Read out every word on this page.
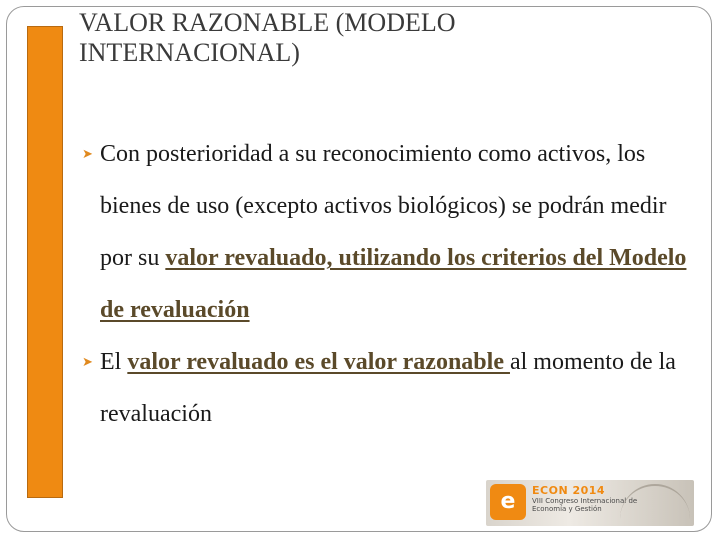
VALOR RAZONABLE (MODELO INTERNACIONAL)
➤ Con posterioridad a su reconocimiento como activos, los bienes de uso (excepto activos biológicos) se podrán medir por su valor revaluado, utilizando los criterios del Modelo de revaluación
➤ El valor revaluado es el valor razonable al momento de la revaluación
e	ECON 2014
VIII Congreso Internacional de Economía y Gestión
